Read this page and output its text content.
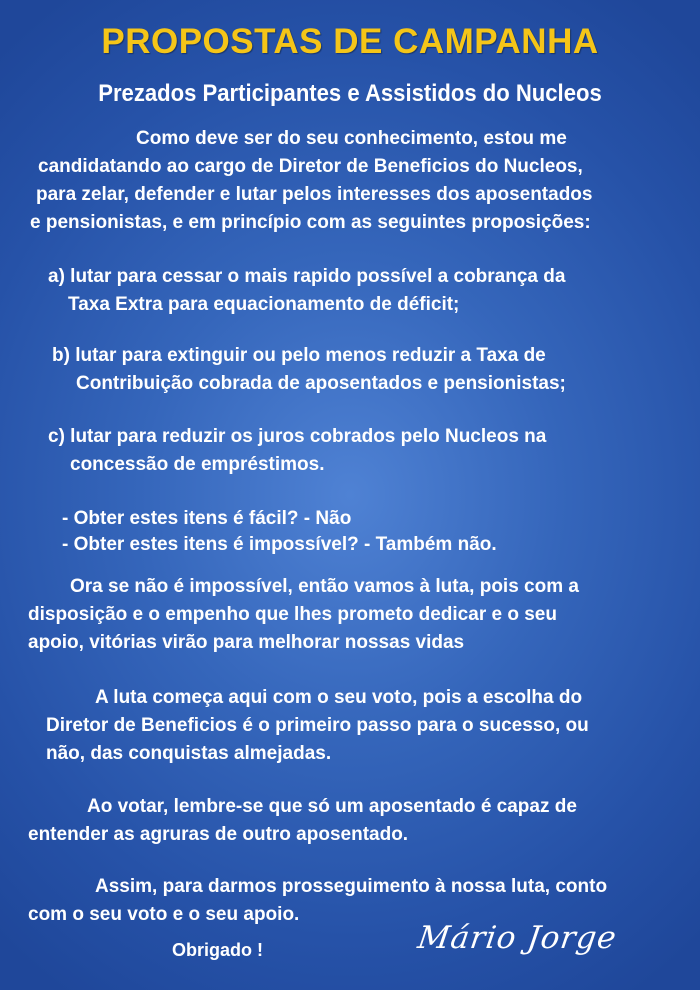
PROPOSTAS DE CAMPANHA
Prezados Participantes e Assistidos do Nucleos
Como deve ser do seu conhecimento, estou me
candidatando ao cargo de Diretor de Beneficios do Nucleos,
para zelar, defender e lutar pelos interesses dos aposentados
e pensionistas, e em princípio com as seguintes proposições:
a) lutar para cessar o mais rapido possível a cobrança da
Taxa Extra para equacionamento de déficit;
b) lutar para extinguir ou pelo menos reduzir a Taxa de
Contribuição cobrada de aposentados e pensionistas;
c) lutar para reduzir os juros cobrados pelo Nucleos na
concessão de empréstimos.
- Obter estes itens é fácil? - Não
- Obter estes itens é impossível? - Também não.
Ora se não é impossível, então vamos à luta, pois com a
disposição e o empenho que lhes prometo dedicar e o seu
apoio, vitórias virão para melhorar nossas vidas
A luta começa aqui com o seu voto, pois a escolha do
Diretor de Beneficios é o primeiro passo para o sucesso, ou
não, das conquistas almejadas.
Ao votar, lembre-se que só um aposentado é capaz de
entender as agruras de outro aposentado.
Assim, para darmos prosseguimento à nossa luta, conto
com o seu voto e o seu apoio.
Obrigado !	Mário Jorge
